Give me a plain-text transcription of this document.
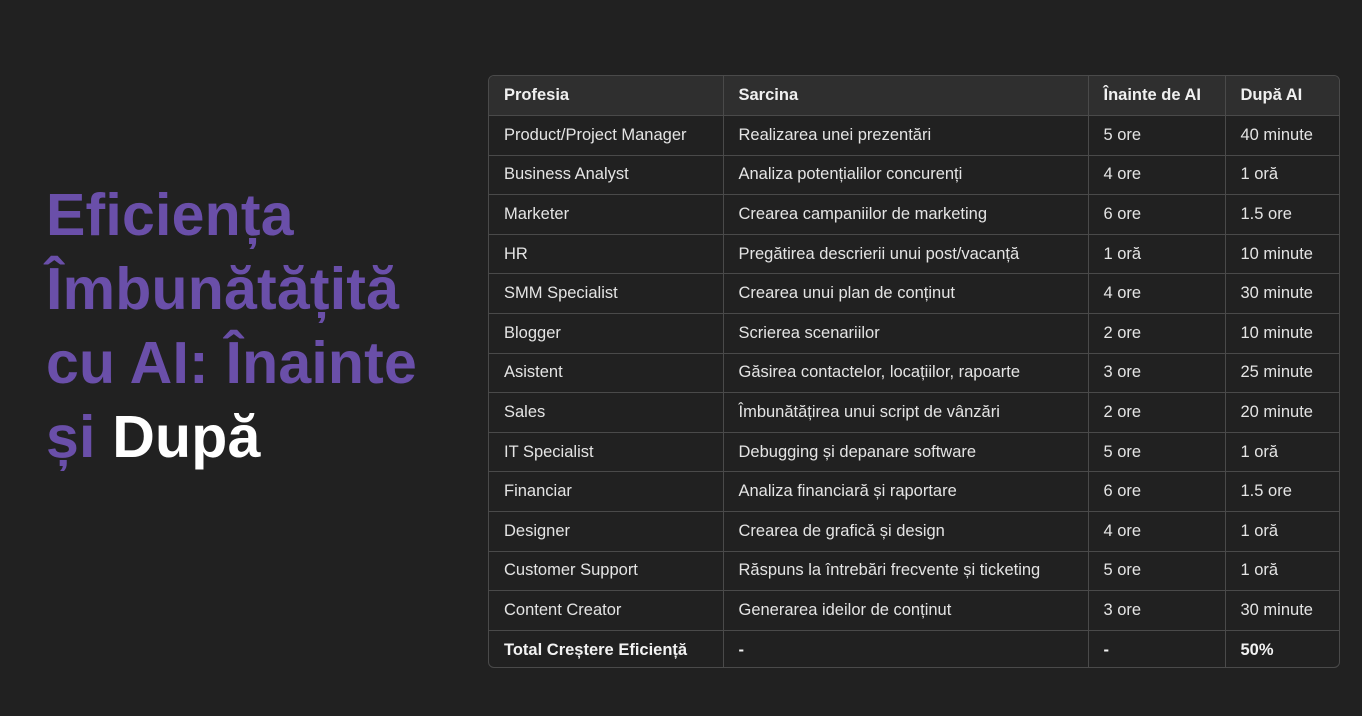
Eficiența
Îmbunătățită
cu AI: Înainte
și După
Profesia	Sarcina	Înainte de AI	După AI
Product/Project Manager	Realizarea unei prezentări	5 ore	40 minute
Business Analyst	Analiza potențialilor concurenți	4 ore	1 oră
Marketer	Crearea campaniilor de marketing	6 ore	1.5 ore
HR	Pregătirea descrierii unui post/vacanță	1 oră	10 minute
SMM Specialist	Crearea unui plan de conținut	4 ore	30 minute
Blogger	Scrierea scenariilor	2 ore	10 minute
Asistent	Găsirea contactelor, locațiilor, rapoarte	3 ore	25 minute
Sales	Îmbunătățirea unui script de vânzări	2 ore	20 minute
IT Specialist	Debugging și depanare software	5 ore	1 oră
Financiar	Analiza financiară și raportare	6 ore	1.5 ore
Designer	Crearea de grafică și design	4 ore	1 oră
Customer Support	Răspuns la întrebări frecvente și ticketing	5 ore	1 oră
Content Creator	Generarea ideilor de conținut	3 ore	30 minute
Total Creștere Eficiență	-	-	50%
